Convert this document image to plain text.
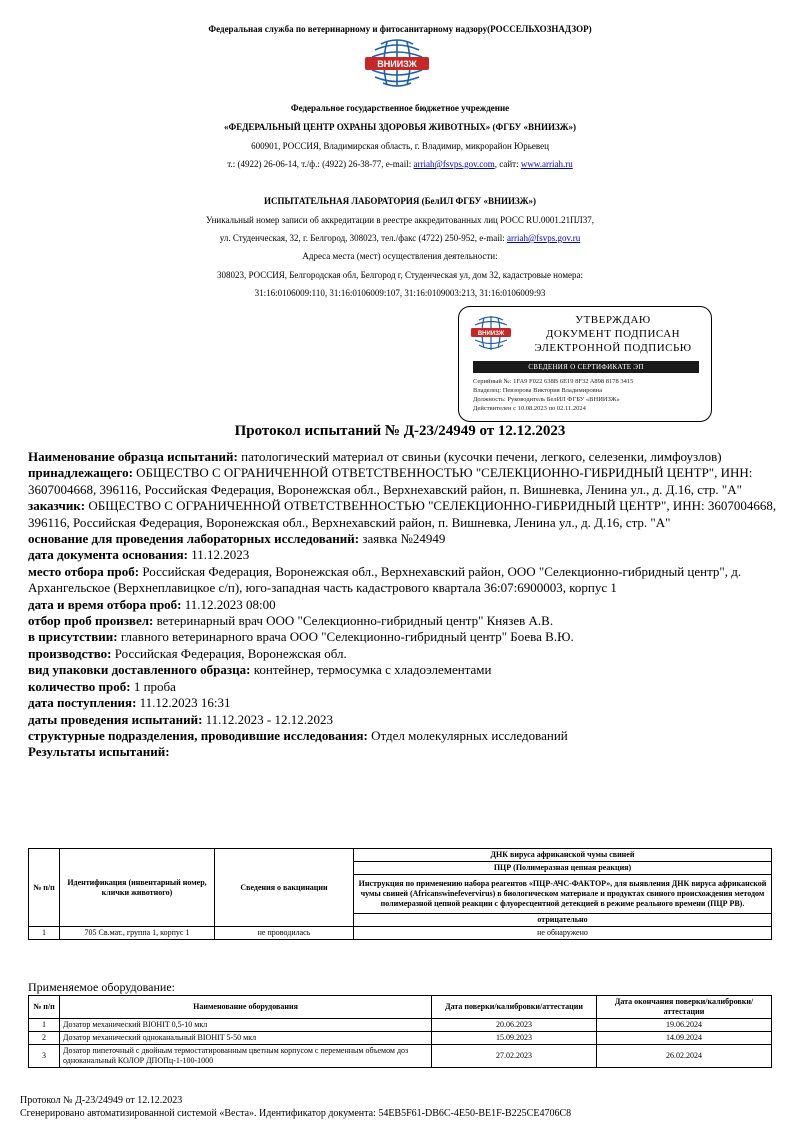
Федеральная служба по ветеринарному и фитосанитарному надзору(РОССЕЛЬХОЗНАДЗОР)
ВНИИЗЖ
Федеральное государственное бюджетное учреждение
«ФЕДЕРАЛЬНЫЙ ЦЕНТР ОХРАНЫ ЗДОРОВЬЯ ЖИВОТНЫХ» (ФГБУ «ВНИИЗЖ»)
600901, РОССИЯ, Владимирская область, г. Владимир, микрорайон Юрьевец
т.: (4922) 26-06-14, т./ф.: (4922) 26-38-77, e-mail: arriah@fsvps.gov.com, сайт: www.arriah.ru
ИСПЫТАТЕЛЬНАЯ ЛАБОРАТОРИЯ (БелИЛ ФГБУ «ВНИИЗЖ»)
Уникальный номер записи об аккредитации в реестре аккредитованных лиц РОСС RU.0001.21ПЛ37,
ул. Студенческая, 32, г. Белгород, 308023, тел./факс (4722) 250-952, e-mail: arriah@fsvps.gov.ru
Адреса места (мест) осуществления деятельности:
308023, РОССИЯ, Белгородская обл, Белгород г, Студенческая ул, дом 32, кадастровые номера:
31:16:0106009:110, 31:16:0106009:107, 31:16:0109003:213, 31:16:0106009:93
ВНИИЗЖ
УТВЕРЖДАЮ
ДОКУМЕНТ ПОДПИСАН
ЭЛЕКТРОННОЙ ПОДПИСЬЮ
СВЕДЕНИЯ О СЕРТИФИКАТЕ ЭП
Серийный №: 1FA9 F022 638B 6E19 8F32 A898 8178 3415
Владелец: Певзорова Виктория Владимировна
Должность: Руководитель БелИЛ ФГБУ «ВНИИЗЖ»
Действителен с 10.08.2023 по 02.11.2024
Протокол испытаний № Д-23/24949 от 12.12.2023

Наименование образца испытаний: патологический материал от свиньи (кусочки печени, легкого, селезенки, лимфоузлов)

принадлежащего: ОБЩЕСТВО С ОГРАНИЧЕННОЙ ОТВЕТСТВЕННОСТЬЮ "СЕЛЕКЦИОННО-ГИБРИДНЫЙ ЦЕНТР", ИНН: 3607004668, 396116, Российская Федерация, Воронежская обл., Верхнехавский район, п. Вишневка, Ленина ул., д. Д.16, стр. "А"

заказчик: ОБЩЕСТВО С ОГРАНИЧЕННОЙ ОТВЕТСТВЕННОСТЬЮ "СЕЛЕКЦИОННО-ГИБРИДНЫЙ ЦЕНТР", ИНН: 3607004668, 396116, Российская Федерация, Воронежская обл., Верхнехавский район, п. Вишневка, Ленина ул., д. Д.16, стр. "А"

основание для проведения лабораторных исследований: заявка №24949

дата документа основания: 11.12.2023

место отбора проб: Российская Федерация, Воронежская обл., Верхнехавский район, ООО "Селекционно-гибридный центр", д. Архангельское (Верхнеплавицкое с/п), юго-западная часть кадастрового квартала 36:07:6900003, корпус 1

дата и время отбора проб: 11.12.2023 08:00

отбор проб произвел: ветеринарный врач ООО "Селекционно-гибридный центр" Князев А.В.

в присутствии: главного ветеринарного врача ООО "Селекционно-гибридный центр" Боева В.Ю.

производство: Российская Федерация, Воронежская обл.

вид упаковки доставленного образца: контейнер, термосумка с хладоэлементами

количество проб: 1 проба

дата поступления: 11.12.2023 16:31

даты проведения испытаний: 11.12.2023 - 12.12.2023

структурные подразделения, проводившие исследования: Отдел молекулярных исследований

Результаты испытаний:

№ п/п	Идентификация (инвентарный номер, клички животного)	Сведения о вакцинации	ДНК вируса африканской чумы свиней
			ПЦР (Полимеразная цепная реакция)
			Инструкция по применению набора реагентов «ПЦР-АЧС-ФАКТОР», для выявления ДНК вируса африканской чумы свиней (Africanswinefevervirus) в биологическом материале и продуктах свиного происхождения методом полимеразной цепной реакции с флуоресцентной детекцией в режиме реального времени (ПЦР РВ).
			отрицательно
1	705 Св.мат., группа 1, корпус 1	не проводилась	не обнаружено
Применяемое оборудование:
№ п/п	Наименование оборудования	Дата поверки/калибровки/аттестации	Дата окончания поверки/калибровки/аттестации
1	Дозатор механический BIOHIT 0,5-10 мкл	20.06.2023	19.06.2024
2	Дозатор механический одноканальный BIOHIT 5-50 мкл	15.09.2023	14.09.2024
3	Дозатор пипеточный с двойным термостатированным цветным корпусом с переменным объемом доз одноканальный КОЛОР ДПОПц-1-100-1000	27.02.2023	26.02.2024
Протокол № Д-23/24949 от 12.12.2023
Сгенерировано автоматизированной системой «Веста». Идентификатор документа: 54EB5F61-DB6C-4E50-BE1F-B225CE4706C8
